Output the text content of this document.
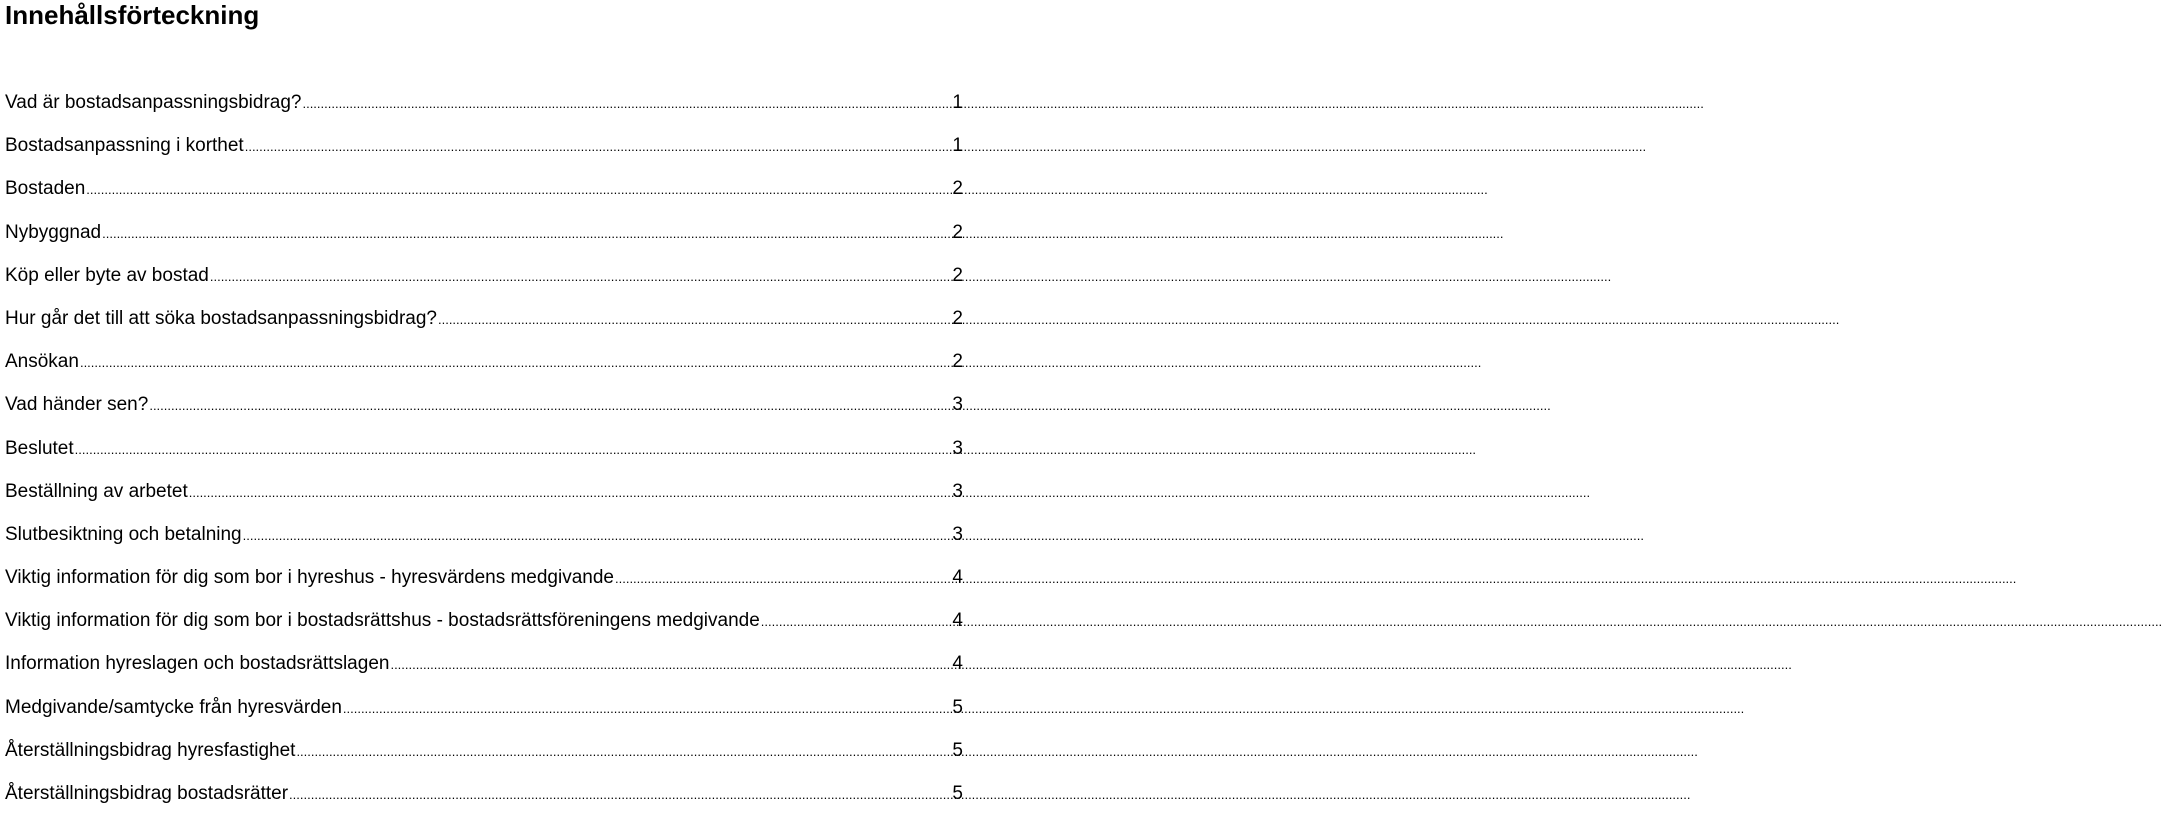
Innehållsförteckning
Vad är bostadsanpassningsbidrag? .....	1
Bostadsanpassning i korthet .....	1
Bostaden .....	2
Nybyggnad .....	2
Köp eller byte av bostad .....	2
Hur går det till att söka bostadsanpassningsbidrag? .....	2
Ansökan .....	2
Vad händer sen? .....	3
Beslutet .....	3
Beställning av arbetet .....	3
Slutbesiktning och betalning .....	3
Viktig information för dig som bor i hyreshus - hyresvärdens medgivande .....	4
Viktig information för dig som bor i bostadsrättshus - bostadsrättsföreningens medgivande .....	4
Information hyreslagen och bostadsrättslagen .....	4
Medgivande/samtycke från hyresvärden .....	5
Återställningsbidrag hyresfastighet .....	5
Återställningsbidrag bostadsrätter .....	5
